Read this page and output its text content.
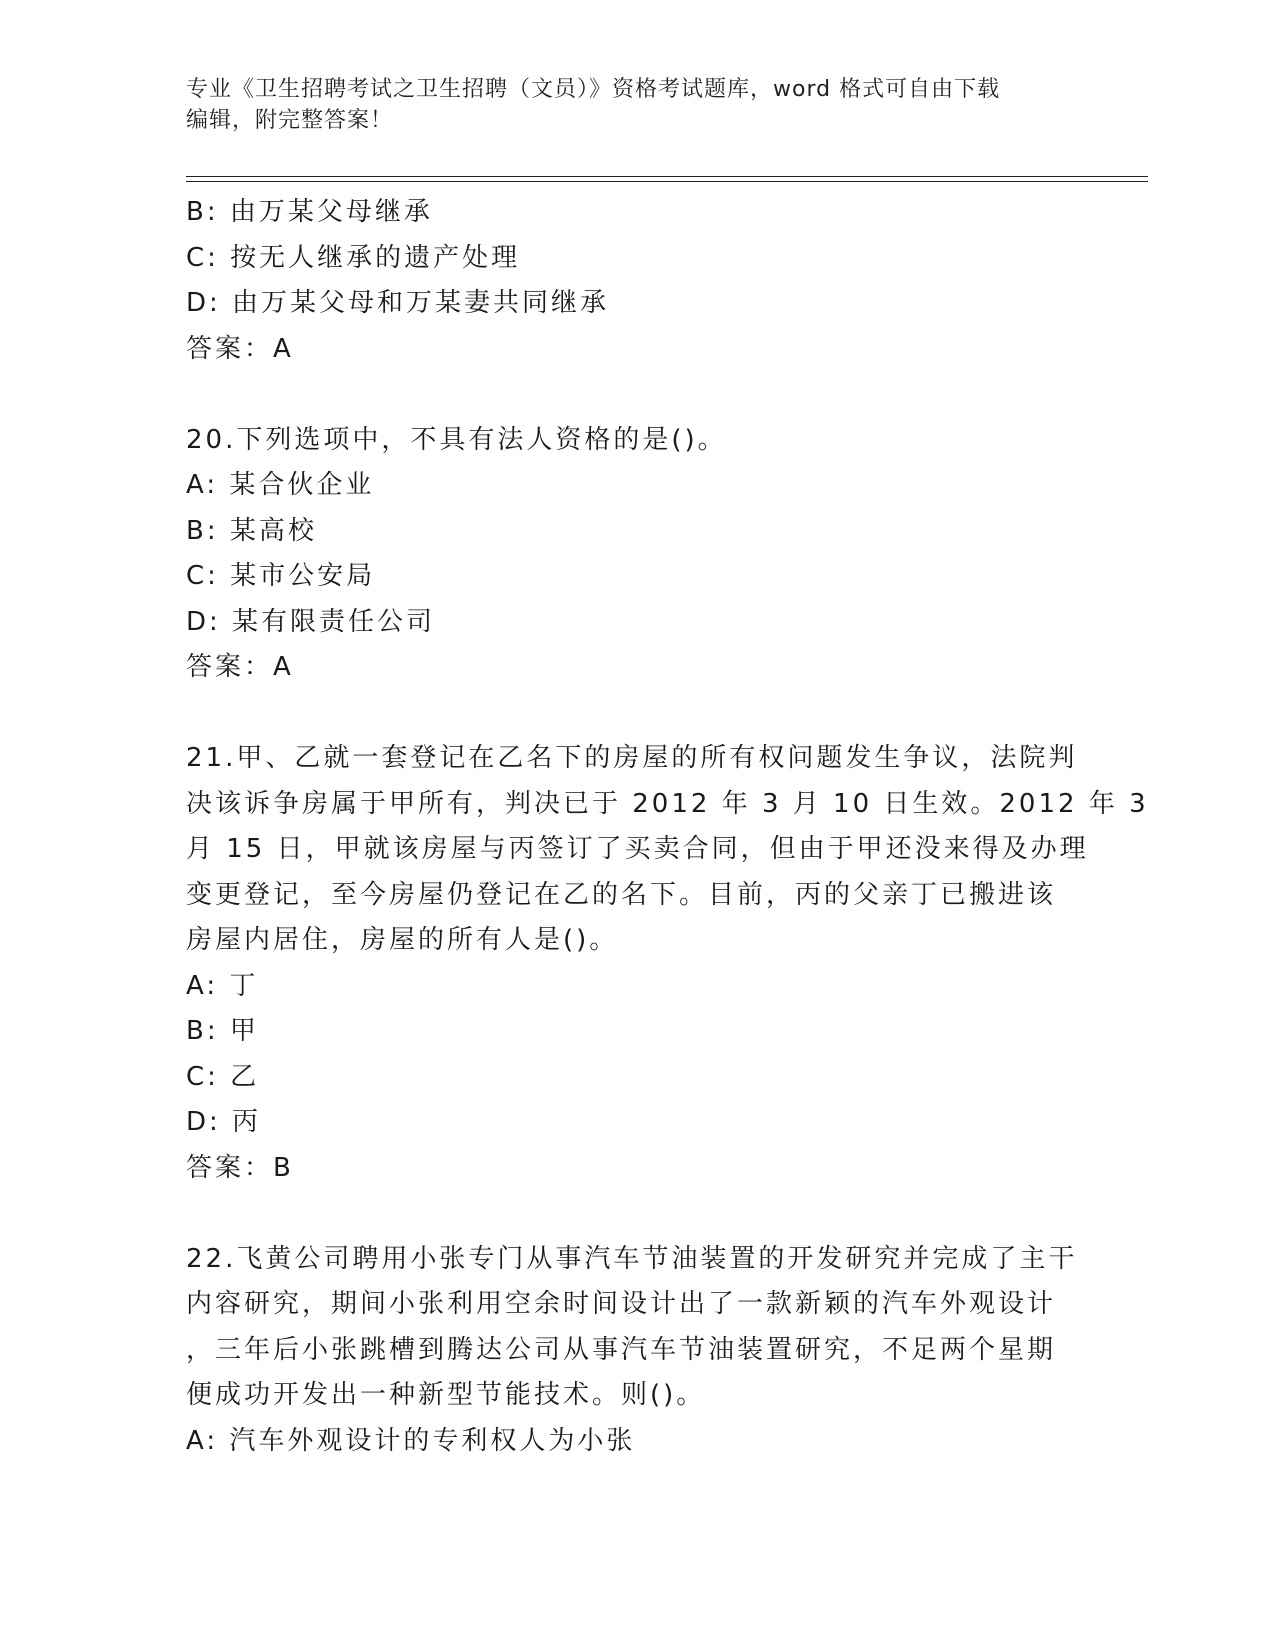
专业《卫生招聘考试之卫生招聘（文员）》资格考试题库，word 格式可自由下载
编辑，附完整答案！
B: 由万某父母继承
C: 按无人继承的遗产处理
D: 由万某父母和万某妻共同继承
答案：A
20.下列选项中，不具有法人资格的是()。
A: 某合伙企业
B: 某高校
C: 某市公安局
D: 某有限责任公司
答案：A
21.甲、乙就一套登记在乙名下的房屋的所有权问题发生争议，法院判
决该诉争房属于甲所有，判决已于 2012 年 3 月 10 日生效。2012 年 3
月 15 日，甲就该房屋与丙签订了买卖合同，但由于甲还没来得及办理
变更登记，至今房屋仍登记在乙的名下。目前，丙的父亲丁已搬进该
房屋内居住，房屋的所有人是()。
A: 丁
B: 甲
C: 乙
D: 丙
答案：B
22.飞黄公司聘用小张专门从事汽车节油装置的开发研究并完成了主干
内容研究，期间小张利用空余时间设计出了一款新颖的汽车外观设计
，三年后小张跳槽到腾达公司从事汽车节油装置研究，不足两个星期
便成功开发出一种新型节能技术。则()。
A: 汽车外观设计的专利权人为小张
